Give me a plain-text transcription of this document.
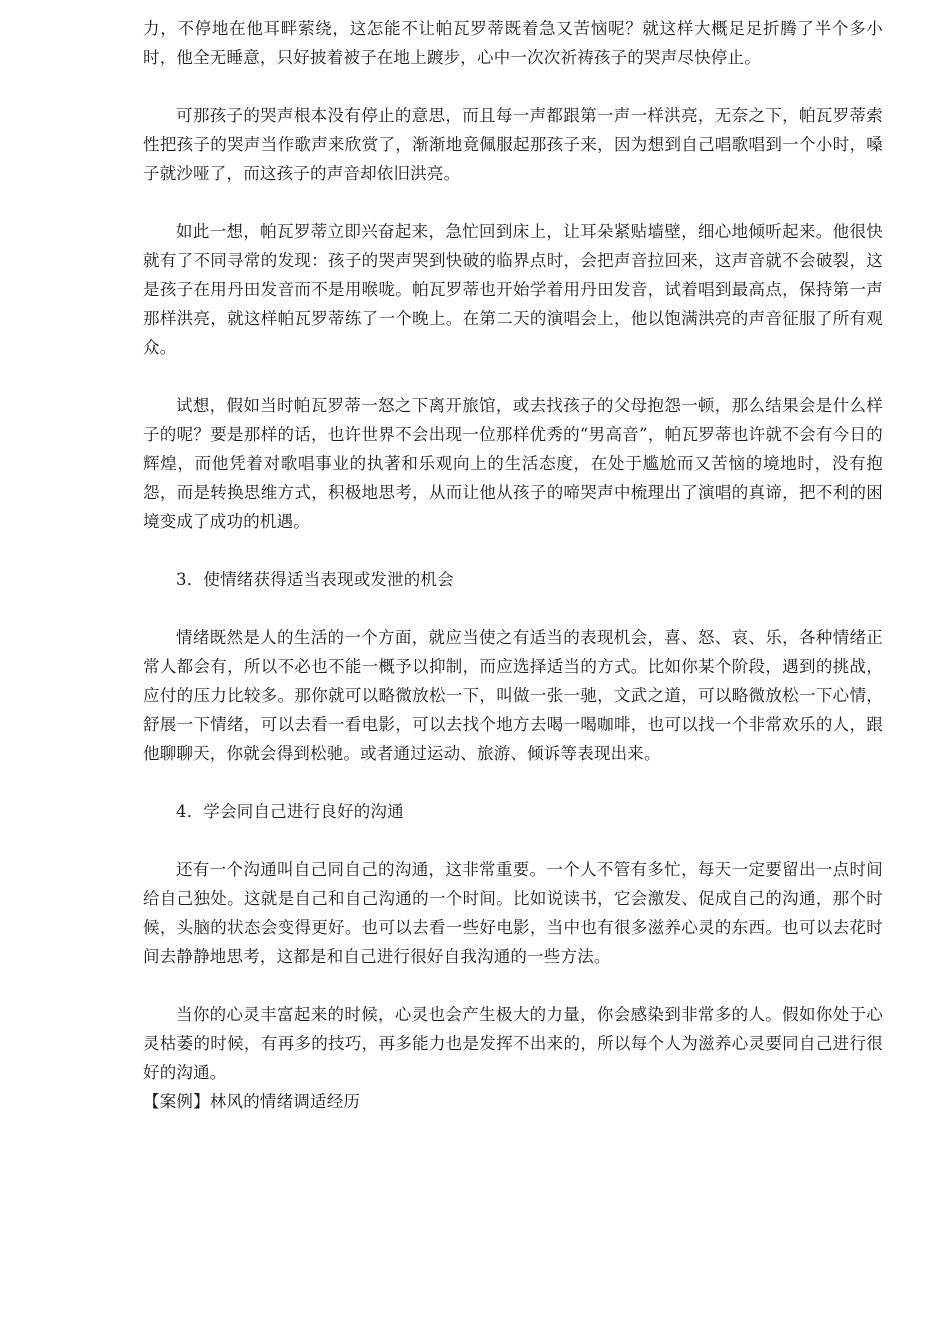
力，不停地在他耳畔萦绕，这怎能不让帕瓦罗蒂既着急又苦恼呢？就这样大概足足折腾了半个多小时，他全无睡意，只好披着被子在地上踱步，心中一次次祈祷孩子的哭声尽快停止。

可那孩子的哭声根本没有停止的意思，而且每一声都跟第一声一样洪亮，无奈之下，帕瓦罗蒂索性把孩子的哭声当作歌声来欣赏了，渐渐地竟佩服起那孩子来，因为想到自己唱歌唱到一个小时，嗓子就沙哑了，而这孩子的声音却依旧洪亮。

如此一想，帕瓦罗蒂立即兴奋起来，急忙回到床上，让耳朵紧贴墙壁，细心地倾听起来。他很快就有了不同寻常的发现：孩子的哭声哭到快破的临界点时，会把声音拉回来，这声音就不会破裂，这是孩子在用丹田发音而不是用喉咙。帕瓦罗蒂也开始学着用丹田发音，试着唱到最高点，保持第一声那样洪亮，就这样帕瓦罗蒂练了一个晚上。在第二天的演唱会上，他以饱满洪亮的声音征服了所有观众。

试想，假如当时帕瓦罗蒂一怒之下离开旅馆，或去找孩子的父母抱怨一顿，那么结果会是什么样子的呢？要是那样的话，也许世界不会出现一位那样优秀的“男高音”，帕瓦罗蒂也许就不会有今日的辉煌，而他凭着对歌唱事业的执著和乐观向上的生活态度，在处于尴尬而又苦恼的境地时，没有抱怨，而是转换思维方式，积极地思考，从而让他从孩子的啼哭声中梳理出了演唱的真谛，把不利的困境变成了成功的机遇。

3．使情绪获得适当表现或发泄的机会

情绪既然是人的生活的一个方面，就应当使之有适当的表现机会，喜、怒、哀、乐，各种情绪正常人都会有，所以不必也不能一概予以抑制，而应选择适当的方式。比如你某个阶段，遇到的挑战，应付的压力比较多。那你就可以略微放松一下，叫做一张一驰，文武之道，可以略微放松一下心情，舒展一下情绪，可以去看一看电影，可以去找个地方去喝一喝咖啡，也可以找一个非常欢乐的人，跟他聊聊天，你就会得到松驰。或者通过运动、旅游、倾诉等表现出来。

4．学会同自己进行良好的沟通

还有一个沟通叫自己同自己的沟通，这非常重要。一个人不管有多忙，每天一定要留出一点时间给自己独处。这就是自己和自己沟通的一个时间。比如说读书，它会激发、促成自己的沟通，那个时候，头脑的状态会变得更好。也可以去看一些好电影，当中也有很多滋养心灵的东西。也可以去花时间去静静地思考，这都是和自己进行很好自我沟通的一些方法。

当你的心灵丰富起来的时候，心灵也会产生极大的力量，你会感染到非常多的人。假如你处于心灵枯萎的时候，有再多的技巧，再多能力也是发挥不出来的，所以每个人为滋养心灵要同自己进行很好的沟通。

【案例】林风的情绪调适经历
